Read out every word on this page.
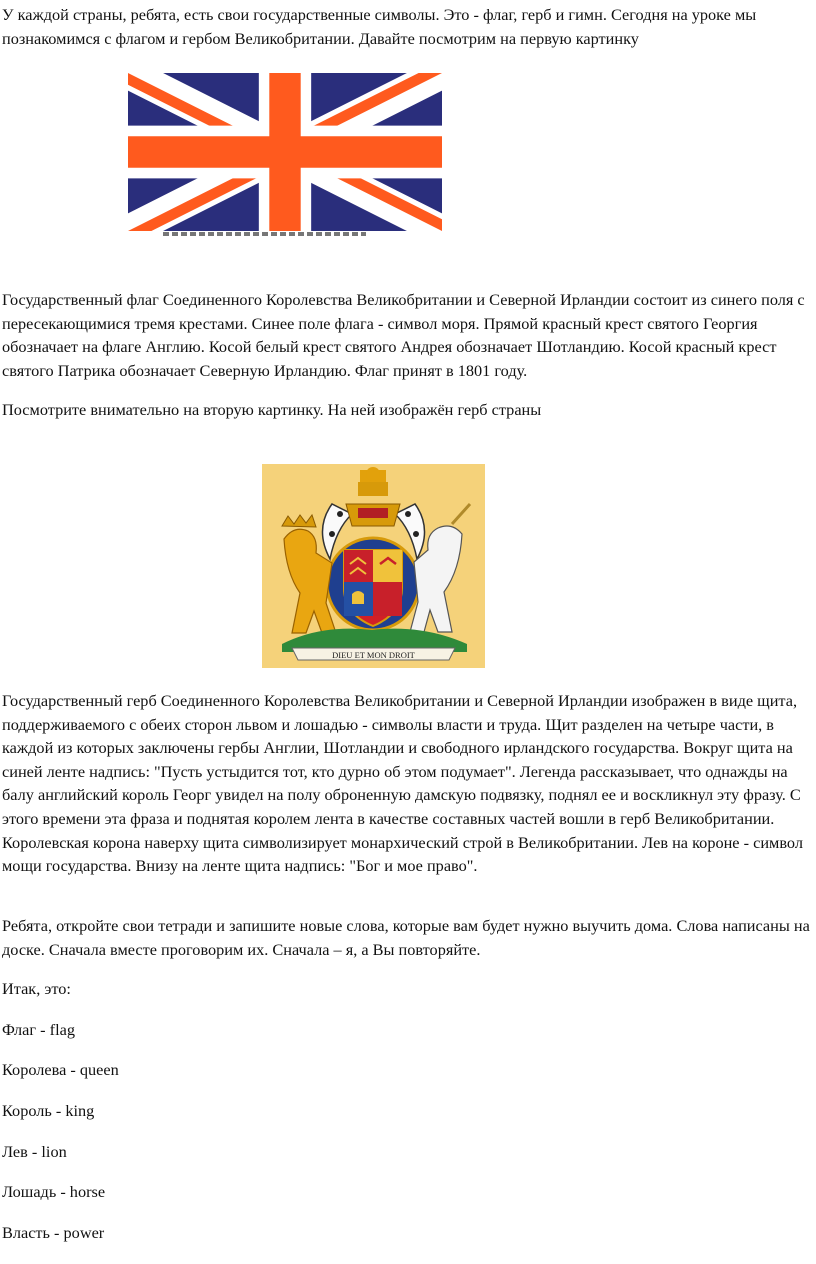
У каждой страны, ребята, есть свои государственные символы. Это - флаг, герб и гимн. Сегодня на уроке мы познакомимся с флагом и гербом Великобритании. Давайте посмотрим на первую картинку

Государственный флаг Соединенного Королевства Великобритании и Северной Ирландии состоит из синего поля с пересекающимися тремя крестами. Синее поле флага - символ моря. Прямой красный крест святого Георгия обозначает на флаге Англию. Косой белый крест святого Андрея обозначает Шотландию. Косой красный крест святого Патрика обозначает Северную Ирландию. Флаг принят в 1801 году.

Посмотрите внимательно на вторую картинку. На ней изображён герб страны

DIEU ET MON DROIT

Государственный герб Соединенного Королевства Великобритании и Северной Ирландии изображен в виде щита, поддерживаемого с обеих сторон львом и лошадью - символы власти и труда. Щит разделен на четыре части, в каждой из которых заключены гербы Англии, Шотландии и свободного ирландского государства. Вокруг щита на синей ленте надпись: "Пусть устыдится тот, кто дурно об этом подумает". Легенда рассказывает, что однажды на балу английский король Георг увидел на полу оброненную дамскую подвязку, поднял ее и воскликнул эту фразу. С этого времени эта фраза и поднятая королем лента в качестве составных частей вошли в герб Великобритании. Королевская корона наверху щита символизирует монархический строй в Великобритании. Лев на короне - символ мощи государства. Внизу на ленте щита надпись: "Бог и мое право".

Ребята, откройте свои тетради и запишите новые слова, которые вам будет нужно выучить дома. Слова написаны на доске. Сначала вместе проговорим их. Сначала – я, а Вы повторяйте.

Итак, это:

Флаг - flag

Королева - queen

Король - king

Лев - lion

Лошадь - horse

Власть - power
